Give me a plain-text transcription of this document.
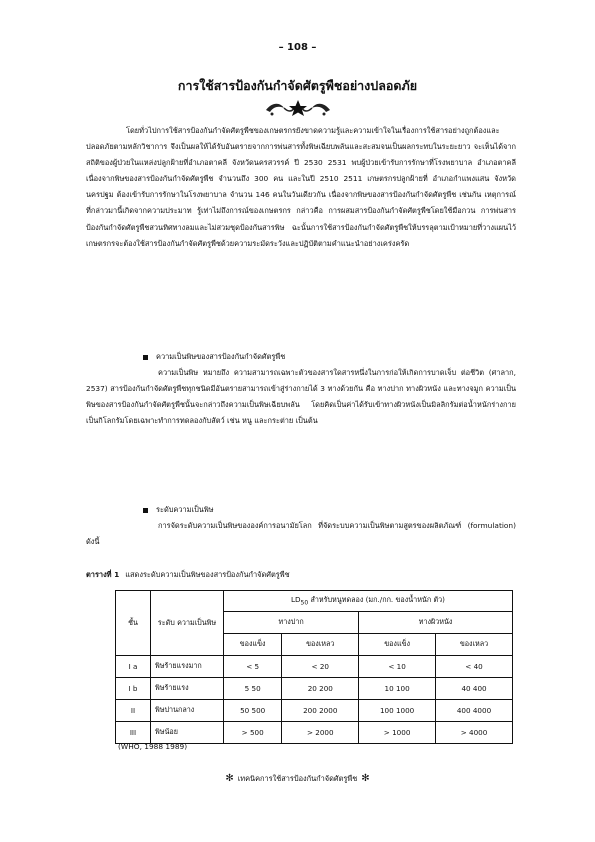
– 108 –
การใช้สารป้องกันกำจัดศัตรูพืชอย่างปลอดภัย

โดยทั่วไปการใช้สารป้องกันกำจัดศัตรูพืชของเกษตรกรยังขาดความรู้และความเข้าใจในเรื่องการใช้สารอย่างถูกต้องและปลอดภัยตามหลักวิชาการ จึงเป็นผลให้ได้รับอันตรายจากการพ่นสารทั้งพิษเฉียบพลันและสะสมจนเป็นผลกระทบในระยะยาว จะเห็นได้จากสถิติของผู้ป่วยในแหล่งปลูกฝ้ายที่อำเภอตาคลี จังหวัดนครสวรรค์ ปี 2530 2531 พบผู้ป่วยเข้ารับการรักษาที่โรงพยาบาล อำเภอตาคลี เนื่องจากพิษของสารป้องกันกำจัดศัตรูพืช จำนวนถึง 300 คน และในปี 2510 2511 เกษตรกรปลูกฝ้ายที่ อำเภอกำแพงแสน จังหวัดนครปฐม ต้องเข้ารับการรักษาในโรงพยาบาล จำนวน 146 คนในวันเดียวกัน เนื่องจากพิษของสารป้องกันกำจัดศัตรูพืช เช่นกัน เหตุการณ์ที่กล่าวมานี้เกิดจากความประมาท รู้เท่าไม่ถึงการณ์ของเกษตรกร กล่าวคือ การผสมสารป้องกันกำจัดศัตรูพืชโดยใช้มือกวน การพ่นสารป้องกันกำจัดศัตรูพืชสวนทิศทางลมและไม่สวมชุดป้องกันสารพิษ ฉะนั้นการใช้สารป้องกันกำจัดศัตรูพืชให้บรรลุตามเป้าหมายที่วางแผนไว้ เกษตรกรจะต้องใช้สารป้องกันกำจัดศัตรูพืชด้วยความระมัดระวังและปฏิบัติตามคำแนะนำอย่างเคร่งครัด

ความเป็นพิษของสารป้องกันกำจัดศัตรูพืช

ความเป็นพิษ หมายถึง ความสามารถเฉพาะตัวของสารใดสารหนึ่งในการก่อให้เกิดการบาดเจ็บ ต่อชีวิต (ศาลาก, 2537) สารป้องกันกำจัดศัตรูพืชทุกชนิดมีอันตรายสามารถเข้าสู่ร่างกายได้ 3 ทางด้วยกัน คือ ทางปาก ทางผิวหนัง และทางจมูก ความเป็นพิษของสารป้องกันกำจัดศัตรูพืชนั้นจะกล่าวถึงความเป็นพิษเฉียบพลัน โดยคิดเป็นค่าได้รับเข้าทางผิวหนังเป็นมิลลิกรัมต่อน้ำหนักร่างกายเป็นกิโลกรัมโดยเฉพาะทำการทดลองกับสัตว์ เช่น หนู และกระต่าย เป็นต้น

ระดับความเป็นพิษ

การจัดระดับความเป็นพิษขององค์การอนามัยโลก ที่จัดระบบความเป็นพิษตามสูตรของผลิตภัณฑ์ (formulation) ดังนี้

ตารางที่ 1 แสดงระดับความเป็นพิษของสารป้องกันกำจัดศัตรูพืช
ชั้น	ระดับ ความเป็นพิษ	$LD_{50}$ สำหรับหนูทดลอง (มก./กก. ของน้ำหนัก ตัว)			
		ทางปาก		ทางผิวหนัง	
		ของแข็ง	ของเหลว	ของแข็ง	ของเหลว
I a	พิษร้ายแรงมาก	< 5	< 20	< 10	< 40
I b	พิษร้ายแรง	5 50	20 200	10 100	40 400
II	พิษปานกลาง	50 500	200 2000	100 1000	400 4000
III	พิษน้อย	> 500	> 2000	> 1000	> 4000
(WHO, 1988 1989)
✻ เทคนิคการใช้สารป้องกันกำจัดศัตรูพืช ✻
